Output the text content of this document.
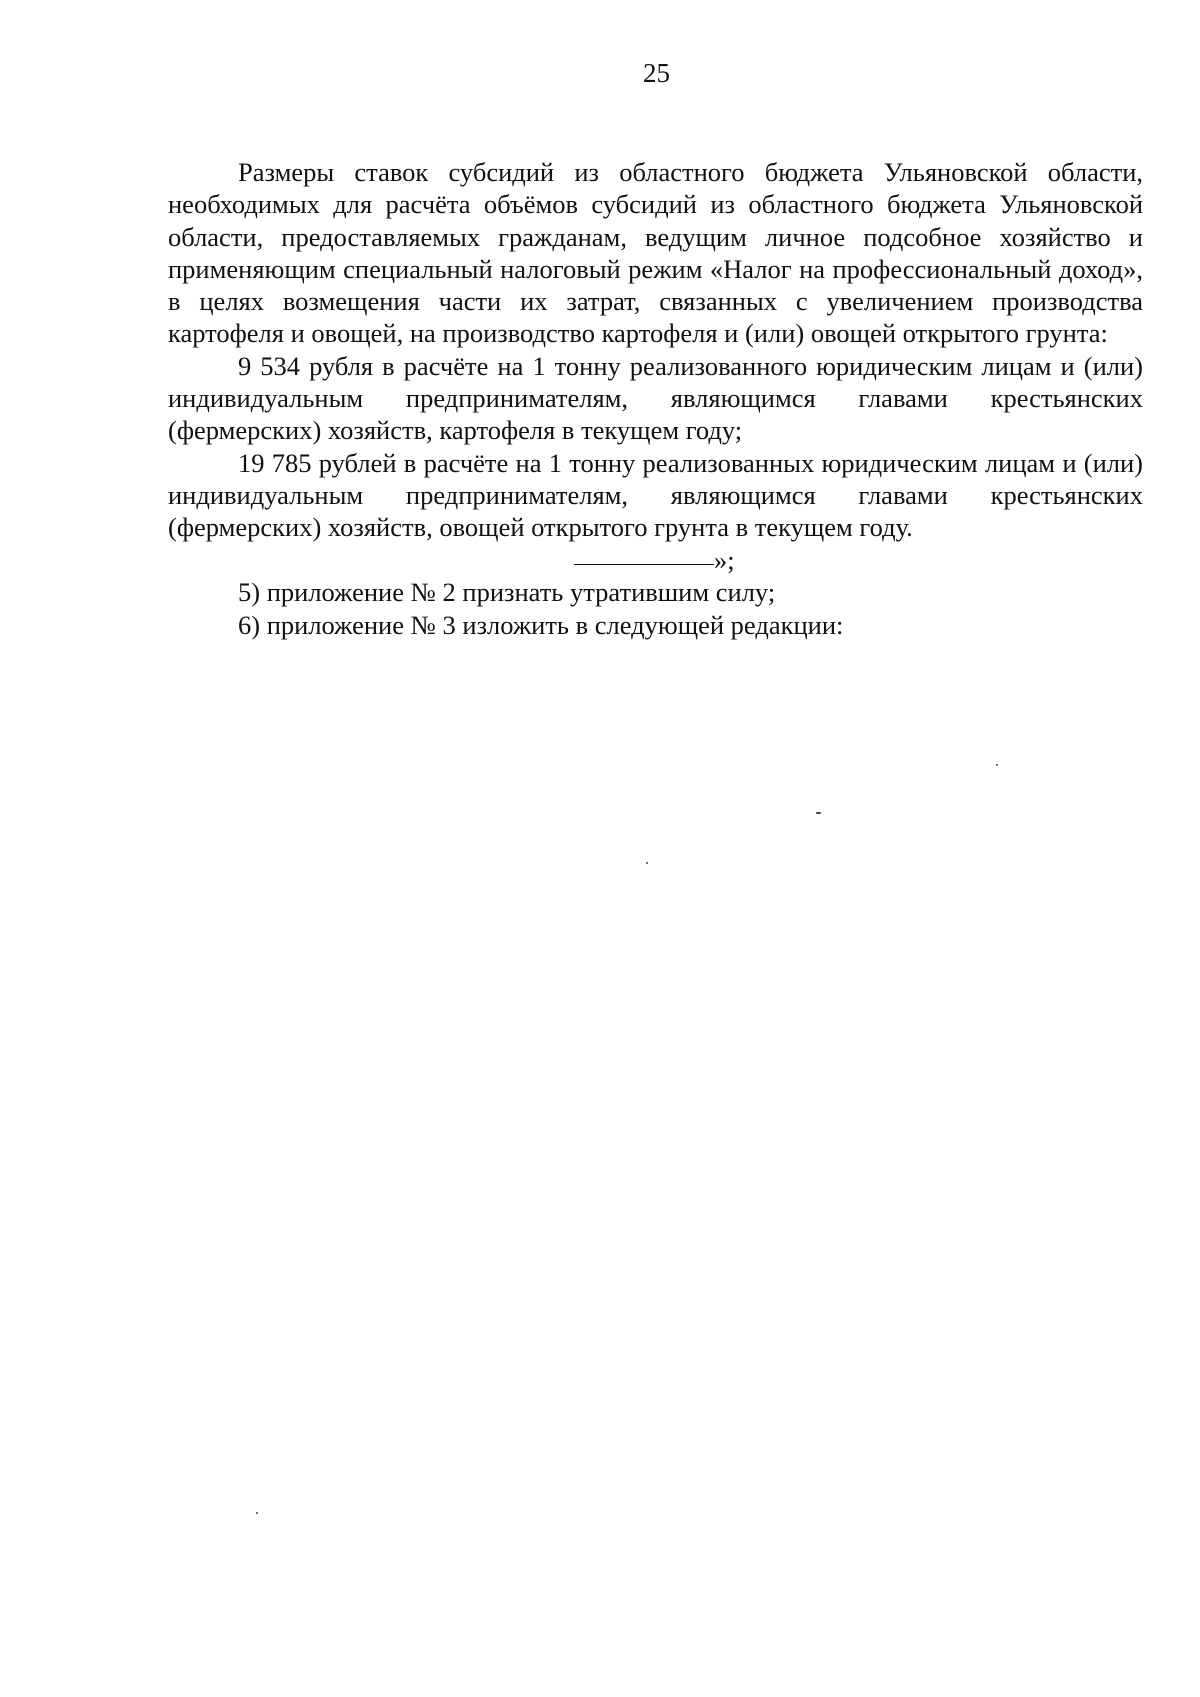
25

Размеры ставок субсидий из областного бюджета Ульяновской области, необходимых для расчёта объёмов субсидий из областного бюджета Ульяновской области, предоставляемых гражданам, ведущим личное подсобное хозяйство и применяющим специальный налоговый режим «Налог на профессиональный доход», в целях возмещения части их затрат, связанных с увеличением производства картофеля и овощей, на производство картофеля и (или) овощей открытого грунта:

9 534 рубля в расчёте на 1 тонну реализованного юридическим лицам и (или) индивидуальным предпринимателям, являющимся главами крестьянских (фермерских) хозяйств, картофеля в текущем году;

19 785 рублей в расчёте на 1 тонну реализованных юридическим лицам и (или) индивидуальным предпринимателям, являющимся главами крестьянских (фермерских) хозяйств, овощей открытого грунта в текущем году.

»;

5) приложение № 2 признать утратившим силу;

6) приложение № 3 изложить в следующей редакции:
